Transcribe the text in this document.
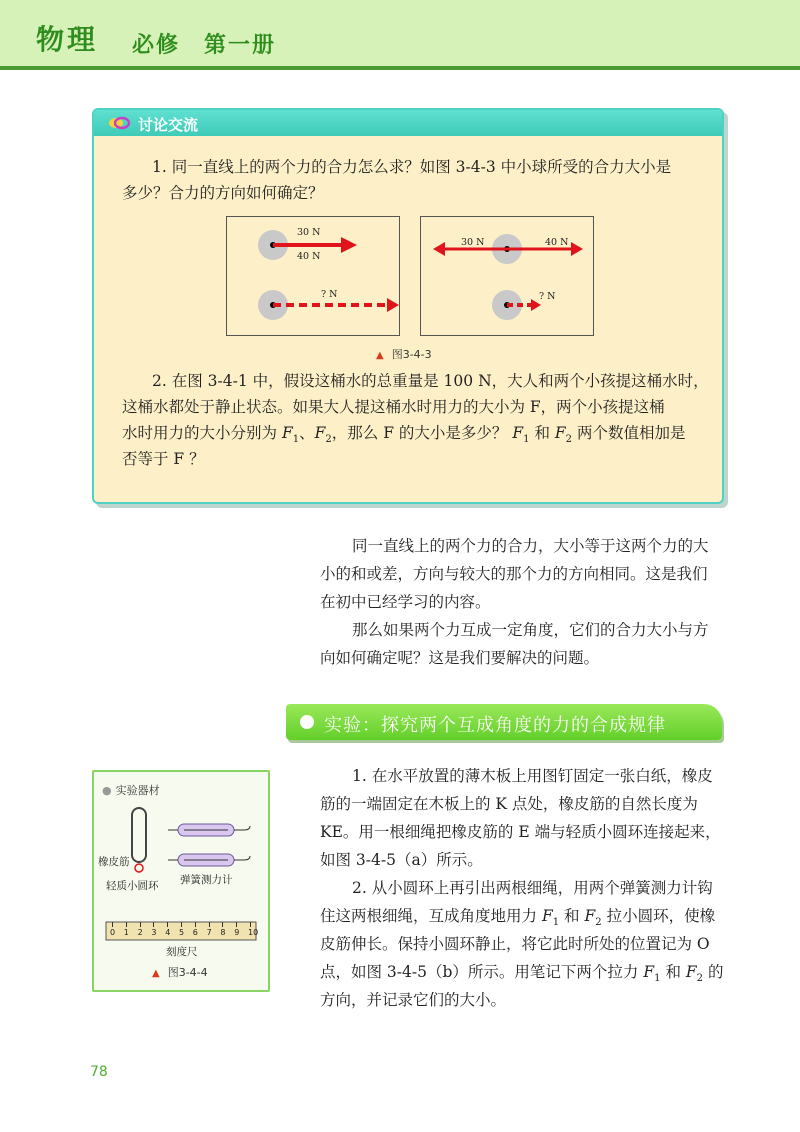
物理 必修　第一册
讨论交流
1. 同一直线上的两个力的合力怎么求？如图 3-4-3 中小球所受的合力大小是
多少？合力的方向如何确定？
30 N
40 N
? N
30 N	40 N
? N
▲ 图3-4-3
2. 在图 3-4-1 中，假设这桶水的总重量是 100 N，大人和两个小孩提这桶水时，
这桶水都处于静止状态。如果大人提这桶水时用力的大小为 F，两个小孩提这桶
水时用力的大小分别为 $F_1$、$F_2$，那么 F 的大小是多少？ $F_1$ 和 $F_2$ 两个数值相加是
否等于 F ？
同一直线上的两个力的合力，大小等于这两个力的大
小的和或差，方向与较大的那个力的方向相同。这是我们
在初中已经学习的内容。
那么如果两个力互成一定角度，它们的合力大小与方
向如何确定呢？这是我们要解决的问题。
实验：探究两个互成角度的力的合成规律
● 实验器材
橡皮筋
轻质小圆环 弹簧测力计
0 1 2 3 4 5 6 7 8 9 10
刻度尺
▲ 图3-4-4
1. 在水平放置的薄木板上用图钉固定一张白纸，橡皮
筋的一端固定在木板上的 K 点处，橡皮筋的自然长度为
KE。用一根细绳把橡皮筋的 E 端与轻质小圆环连接起来，
如图 3-4-5（a）所示。
2. 从小圆环上再引出两根细绳，用两个弹簧测力计钩
住这两根细绳，互成角度地用力 $F_1$ 和 $F_2$ 拉小圆环，使橡
皮筋伸长。保持小圆环静止，将它此时所处的位置记为 O
点，如图 3-4-5（b）所示。用笔记下两个拉力 $F_1$ 和 $F_2$ 的
方向，并记录它们的大小。
78
